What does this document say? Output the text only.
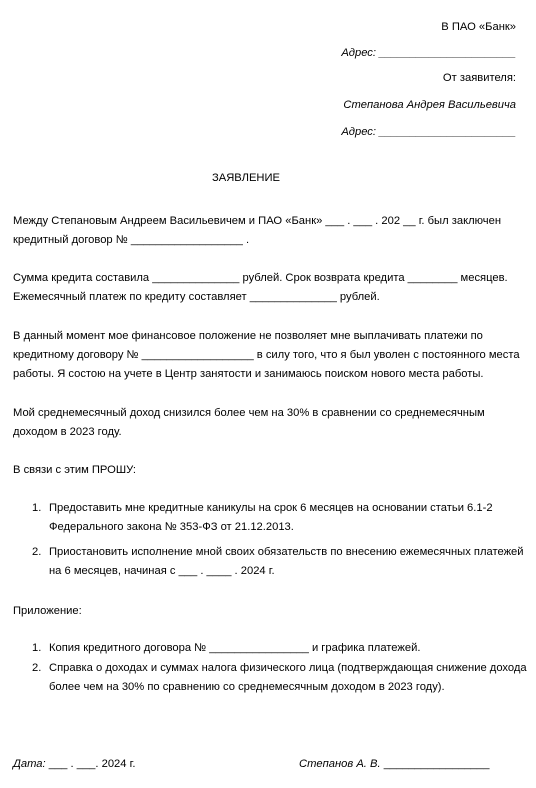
В ПАО «Банк»
Адрес: ______________________
От заявителя:
Степанова Андрея Васильевича
Адрес: ______________________
ЗАЯВЛЕНИЕ
Между Степановым Андреем Васильевичем и ПАО «Банк» ___ . ___ . 202 __ г. был заключен кредитный договор № __________________ .
Сумма кредита составила ______________ рублей. Срок возврата кредита ________ месяцев. Ежемесячный платеж по кредиту составляет ______________ рублей.
В данный момент мое финансовое положение не позволяет мне выплачивать платежи по кредитному договору № __________________ в силу того, что я был уволен с постоянного места работы. Я состою на учете в Центр занятости и занимаюсь поиском нового места работы.
Мой среднемесячный доход снизился более чем на 30% в сравнении со среднемесячным доходом в 2023 году.
В связи с этим ПРОШУ:
1. Предоставить мне кредитные каникулы на срок 6 месяцев на основании статьи 6.1-2 Федерального закона № 353-ФЗ от 21.12.2013.
2. Приостановить исполнение мной своих обязательств по внесению ежемесячных платежей на 6 месяцев, начиная с ___ . ____ . 2024 г.
Приложение:
1. Копия кредитного договора № ________________ и графика платежей.
2. Справка о доходах и суммах налога физического лица (подтверждающая снижение дохода более чем на 30% по сравнению со среднемесячным доходом в 2023 году).
Дата: ___ . ___. 2024 г.	Степанов А. В. _________________
